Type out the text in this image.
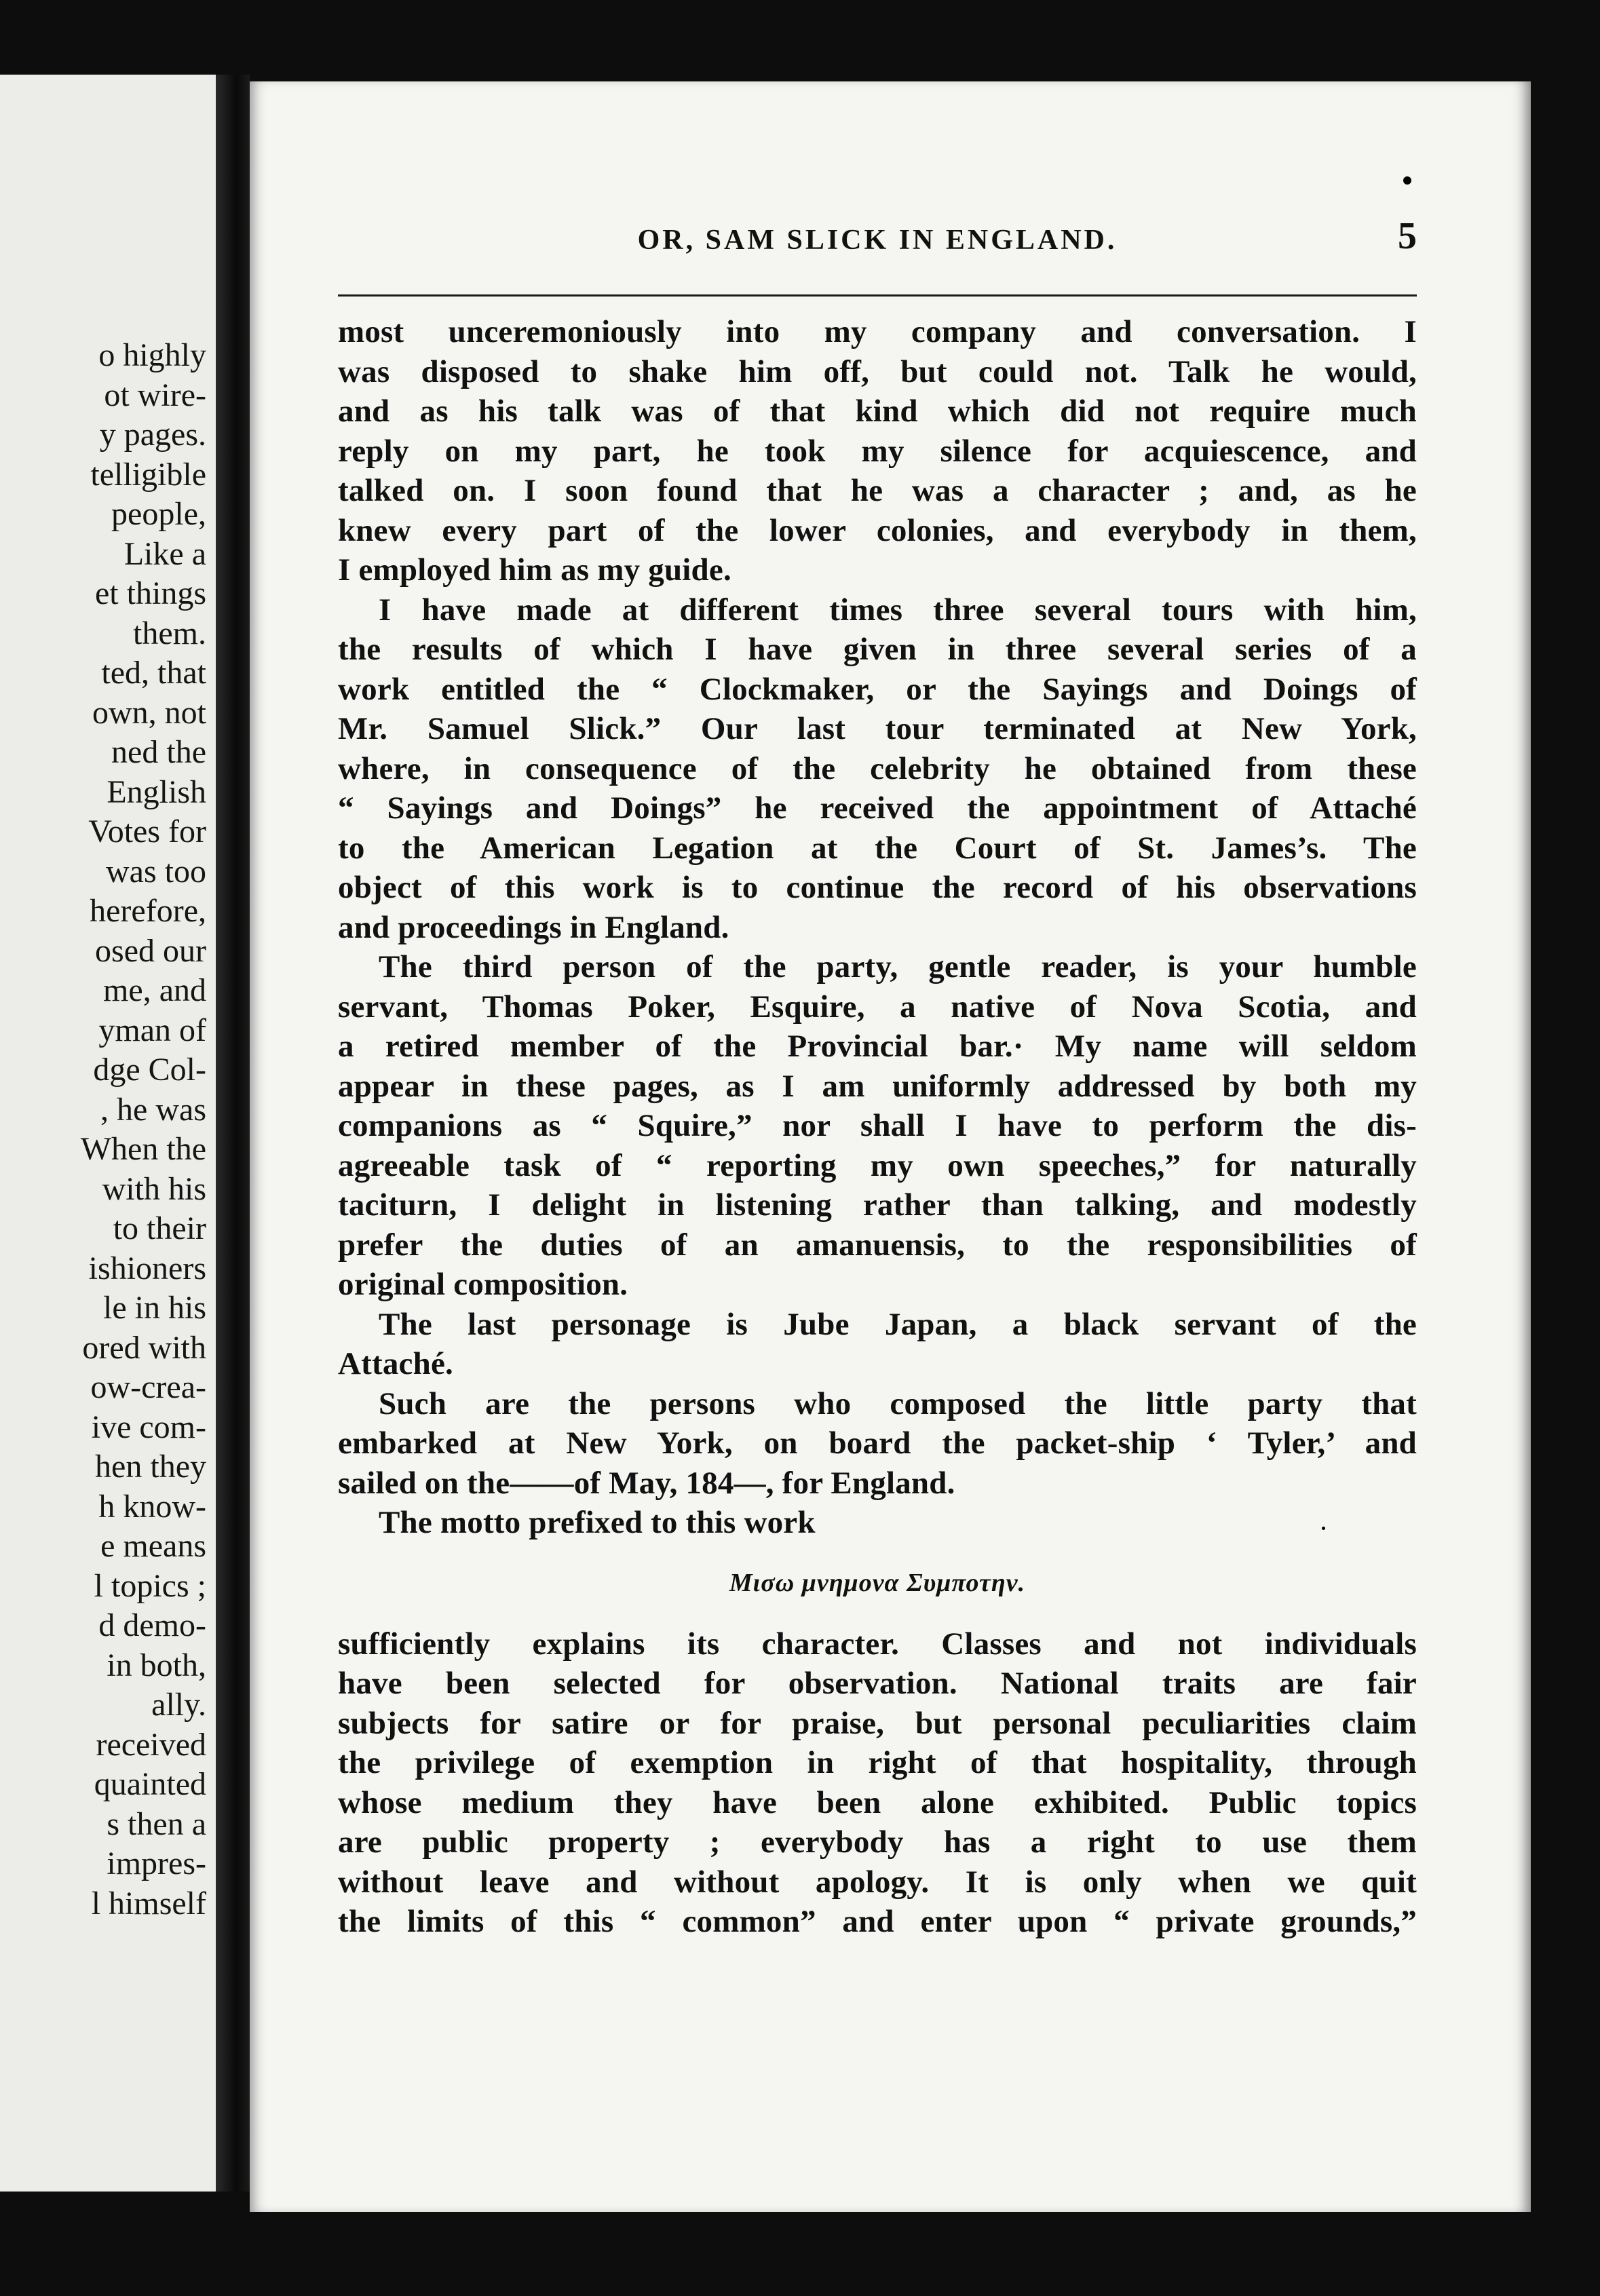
o highly
ot wire-
y pages.
telligible
people,
Like a
et things
them.
ted, that
own, not
ned the
English
Votes for
was too
herefore,
osed our
me, and
yman of
dge Col-
, he was
When the
with his
to their
ishioners
le in his
ored with
ow-crea-
ive com-
hen they
h know-
e means
l topics ;
d demo-
in both,
ally.
received
quainted
s then a
impres-
l himself
OR, SAM SLICK IN ENGLAND.	5
most unceremoniously into my company and conversation. I
was disposed to shake him off, but could not. Talk he would,
and as his talk was of that kind which did not require much
reply on my part, he took my silence for acquiescence, and
talked on. I soon found that he was a character ; and, as he
knew every part of the lower colonies, and everybody in them,
I employed him as my guide.
I have made at different times three several tours with him,
the results of which I have given in three several series of a
work entitled the “ Clockmaker, or the Sayings and Doings of
Mr. Samuel Slick.” Our last tour terminated at New York,
where, in consequence of the celebrity he obtained from these
“ Sayings and Doings” he received the appointment of Attaché
to the American Legation at the Court of St. James’s. The
object of this work is to continue the record of his observations
and proceedings in England.
The third person of the party, gentle reader, is your humble
servant, Thomas Poker, Esquire, a native of Nova Scotia, and
a retired member of the Provincial bar.· My name will seldom
appear in these pages, as I am uniformly addressed by both my
companions as “ Squire,” nor shall I have to perform the dis-
agreeable task of “ reporting my own speeches,” for naturally
taciturn, I delight in listening rather than talking, and modestly
prefer the duties of an amanuensis, to the responsibilities of
original composition.
The last personage is Jube Japan, a black servant of the
Attaché.
Such are the persons who composed the little party that
embarked at New York, on board the packet-ship ‘ Tyler,’ and
sailed on the——of May, 184—, for England.
The motto prefixed to this work
Μισω μνημονα Συμποτην.
sufficiently explains its character. Classes and not individuals
have been selected for observation. National traits are fair
subjects for satire or for praise, but personal peculiarities claim
the privilege of exemption in right of that hospitality, through
whose medium they have been alone exhibited. Public topics
are public property ; everybody has a right to use them
without leave and without apology. It is only when we quit
the limits of this “ common” and enter upon “ private grounds,”
